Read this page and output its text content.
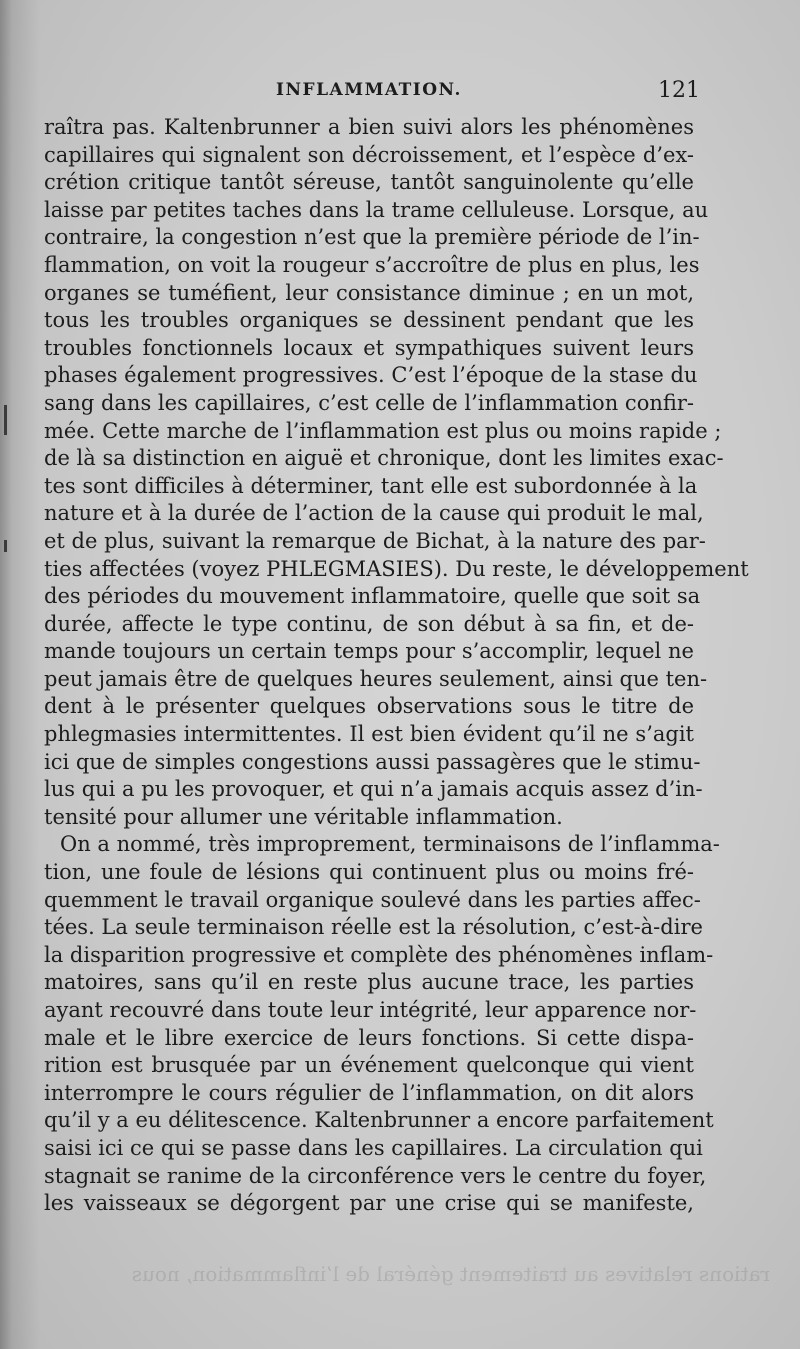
INFLAMMATION.	121
raîtra pas. Kaltenbrunner a bien suivi alors les phénomènes
capillaires qui signalent son décroissement, et l’espèce d’ex-
crétion critique tantôt séreuse, tantôt sanguinolente qu’elle
laisse par petites taches dans la trame celluleuse. Lorsque, au
contraire, la congestion n’est que la première période de l’in-
flammation, on voit la rougeur s’accroître de plus en plus, les
organes se tuméfient, leur consistance diminue ; en un mot,
tous les troubles organiques se dessinent pendant que les
troubles fonctionnels locaux et sympathiques suivent leurs
phases également progressives. C’est l’époque de la stase du
sang dans les capillaires, c’est celle de l’inflammation confir-
mée. Cette marche de l’inflammation est plus ou moins rapide ;
de là sa distinction en aiguë et chronique, dont les limites exac-
tes sont difficiles à déterminer, tant elle est subordonnée à la
nature et à la durée de l’action de la cause qui produit le mal,
et de plus, suivant la remarque de Bichat, à la nature des par-
ties affectées (voyez PHLEGMASIES). Du reste, le développement
des périodes du mouvement inflammatoire, quelle que soit sa
durée, affecte le type continu, de son début à sa fin, et de-
mande toujours un certain temps pour s’accomplir, lequel ne
peut jamais être de quelques heures seulement, ainsi que ten-
dent à le présenter quelques observations sous le titre de
phlegmasies intermittentes. Il est bien évident qu’il ne s’agit
ici que de simples congestions aussi passagères que le stimu-
lus qui a pu les provoquer, et qui n’a jamais acquis assez d’in-
tensité pour allumer une véritable inflammation.
On a nommé, très improprement, terminaisons de l’inflamma-
tion, une foule de lésions qui continuent plus ou moins fré-
quemment le travail organique soulevé dans les parties affec-
tées. La seule terminaison réelle est la résolution, c’est-à-dire
la disparition progressive et complète des phénomènes inflam-
matoires, sans qu’il en reste plus aucune trace, les parties
ayant recouvré dans toute leur intégrité, leur apparence nor-
male et le libre exercice de leurs fonctions. Si cette dispa-
rition est brusquée par un événement quelconque qui vient
interrompre le cours régulier de l’inflammation, on dit alors
qu’il y a eu délitescence. Kaltenbrunner a encore parfaitement
saisi ici ce qui se passe dans les capillaires. La circulation qui
stagnait se ranime de la circonférence vers le centre du foyer,
les vaisseaux se dégorgent par une crise qui se manifeste,
rations relatives au traitement général de l’inflammation, nous
